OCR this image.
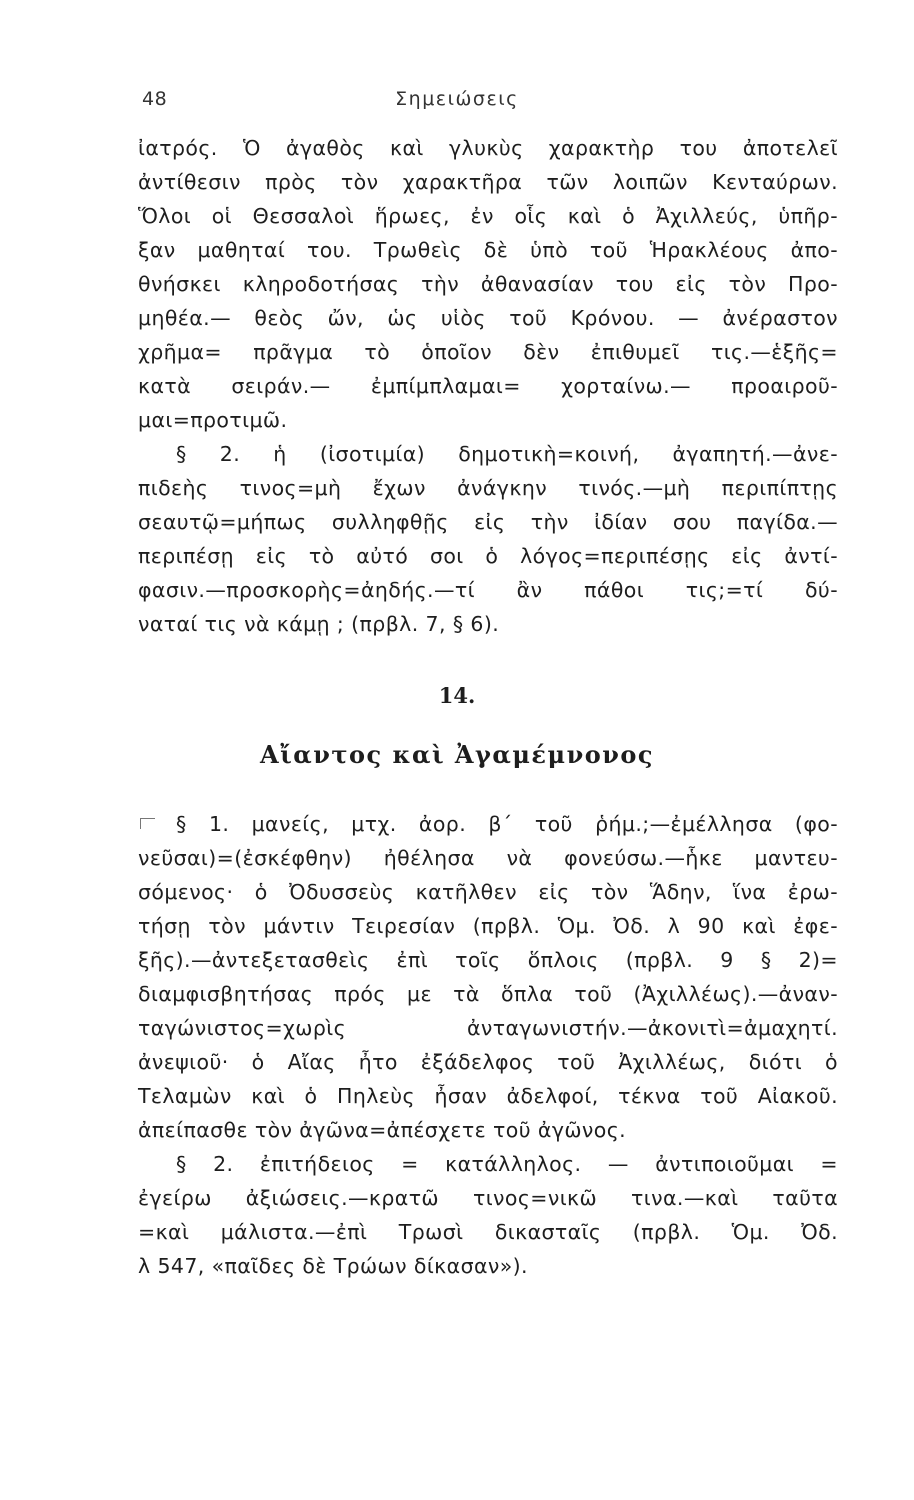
48	Σημειώσεις
ἰατρός. Ὁ ἀγαθὸς καὶ γλυκὺς χαρακτὴρ του ἀποτελεῖ
ἀντίθεσιν πρὸς τὸν χαρακτῆρα τῶν λοιπῶν Κενταύρων.
Ὅλοι οἱ Θεσσαλοὶ ἥρωες, ἐν οἷς καὶ ὁ Ἀχιλλεύς, ὑπῆρ-
ξαν μαθηταί του. Τρωθεὶς δὲ ὑπὸ τοῦ Ἡρακλέους ἀπο-
θνήσκει κληροδοτήσας τὴν ἀθανασίαν του εἰς τὸν Προ-
μηθέα.— θεὸς ὤν, ὡς υἱὸς τοῦ Κρόνου. — ἀνέραστον
χρῆμα= πρᾶγμα τὸ ὁποῖον δὲν ἐπιθυμεῖ τις.—ἑξῆς=
κατὰ σειράν.— ἐμπίμπλαμαι= χορταίνω.— προαιροῦ-
μαι=προτιμῶ.
§ 2. ἡ (ἰσοτιμία) δημοτικὴ=κοινή, ἀγαπητή.—ἀνε-
πιδεὴς τινος=μὴ ἔχων ἀνάγκην τινός.—μὴ περιπίπτῃς
σεαυτῷ=μήπως συλληφθῇς εἰς τὴν ἰδίαν σου παγίδα.—
περιπέσῃ εἰς τὸ αὐτό σοι ὁ λόγος=περιπέσῃς εἰς ἀντί-
φασιν.—προσκορὴς=ἀηδής.—τί ἂν πάθοι τις;=τί δύ-
ναταί τις νὰ κάμῃ ; (πρβλ. 7, § 6).
14.
Αἴαντος καὶ Ἀγαμέμνονος
§ 1. μανείς, μτχ. ἀορ. β΄ τοῦ ῥήμ.;—ἐμέλλησα (φο-
νεῦσαι)=(ἐσκέφθην) ἠθέλησα νὰ φονεύσω.—ἧκε μαντευ-
σόμενος· ὁ Ὀδυσσεὺς κατῆλθεν εἰς τὸν Ἅδην, ἵνα ἐρω-
τήσῃ τὸν μάντιν Τειρεσίαν (πρβλ. Ὁμ. Ὀδ. λ 90 καὶ ἐφε-
ξῆς).—ἀντεξετασθεὶς ἐπὶ τοῖς ὅπλοις (πρβλ. 9 § 2)=
διαμφισβητήσας πρός με τὰ ὅπλα τοῦ (Ἀχιλλέως).—ἀναν-
ταγώνιστος=χωρὶς ἀνταγωνιστήν.—ἀκονιτὶ=ἀμαχητί.
ἀνεψιοῦ· ὁ Αἴας ἦτο ἐξάδελφος τοῦ Ἀχιλλέως, διότι ὁ
Τελαμὼν καὶ ὁ Πηλεὺς ἦσαν ἀδελφοί, τέκνα τοῦ Αἰακοῦ.
ἀπείπασθε τὸν ἀγῶνα=ἀπέσχετε τοῦ ἀγῶνος.
§ 2. ἐπιτήδειος = κατάλληλος. — ἀντιποιοῦμαι =
ἐγείρω ἀξιώσεις.—κρατῶ τινος=νικῶ τινα.—καὶ ταῦτα
=καὶ μάλιστα.—ἐπὶ Τρωσὶ δικασταῖς (πρβλ. Ὁμ. Ὀδ.
λ 547, «παῖδες δὲ Τρώων δίκασαν»).
